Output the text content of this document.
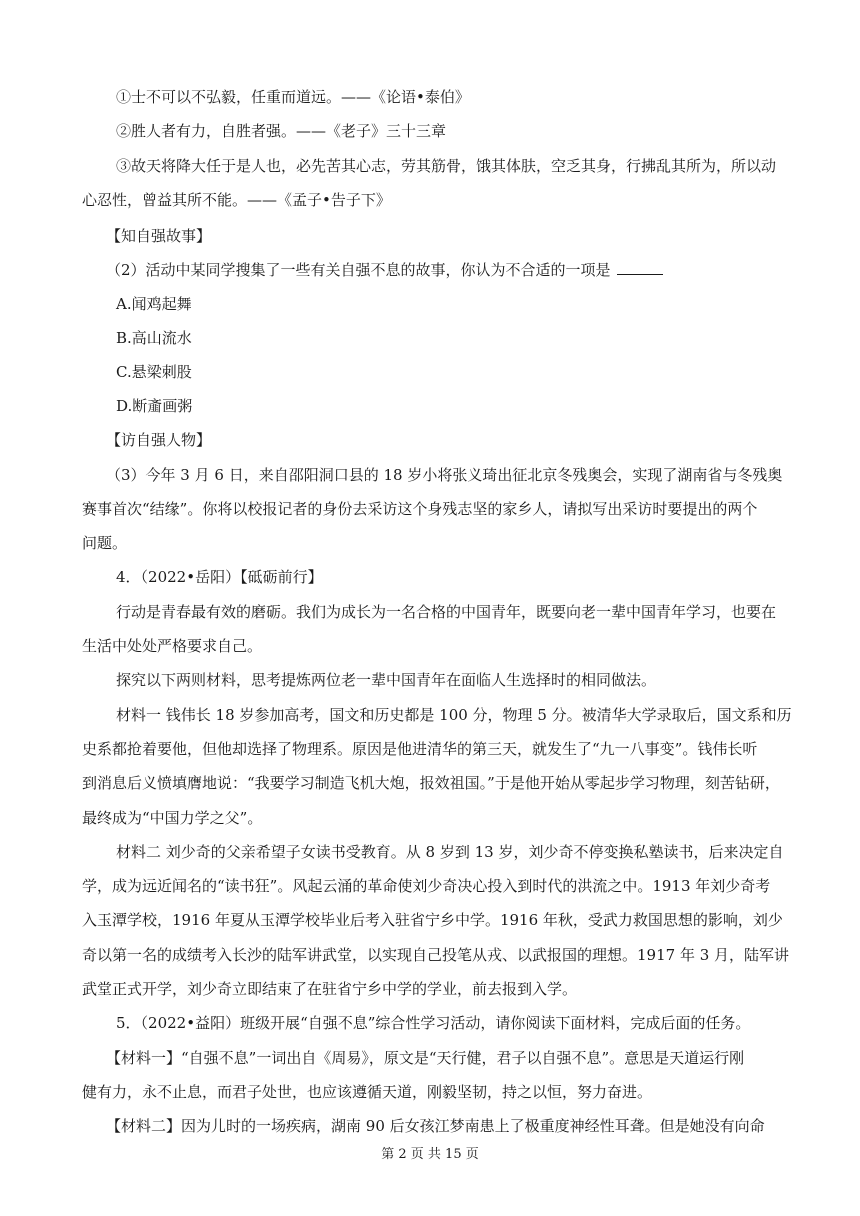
①士不可以不弘毅，任重而道远。——《论语•泰伯》
②胜人者有力，自胜者强。——《老子》三十三章
③故天将降大任于是人也，必先苦其心志，劳其筋骨，饿其体肤，空乏其身，行拂乱其所为，所以动
心忍性，曾益其所不能。——《孟子•告子下》
【知自强故事】
（2）活动中某同学搜集了一些有关自强不息的故事，你认为不合适的一项是
A.闻鸡起舞
B.高山流水
C.悬梁刺股
D.断齑画粥
【访自强人物】
（3）今年 3 月 6 日，来自邵阳洞口县的 18 岁小将张义琦出征北京冬残奥会，实现了湖南省与冬残奥
赛事首次“结缘”。你将以校报记者的身份去采访这个身残志坚的家乡人，请拟写出采访时要提出的两个
问题。
4．（2022•岳阳）【砥砺前行】
行动是青春最有效的磨砺。我们为成长为一名合格的中国青年，既要向老一辈中国青年学习，也要在
生活中处处严格要求自己。
探究以下两则材料，思考提炼两位老一辈中国青年在面临人生选择时的相同做法。
材料一 钱伟长 18 岁参加高考，国文和历史都是 100 分，物理 5 分。被清华大学录取后，国文系和历
史系都抢着要他，但他却选择了物理系。原因是他进清华的第三天，就发生了“九一八事变”。钱伟长听
到消息后义愤填膺地说：“我要学习制造飞机大炮，报效祖国。”于是他开始从零起步学习物理，刻苦钻研，
最终成为“中国力学之父”。
材料二 刘少奇的父亲希望子女读书受教育。从 8 岁到 13 岁，刘少奇不停变换私塾读书，后来决定自
学，成为远近闻名的“读书狂”。风起云涌的革命使刘少奇决心投入到时代的洪流之中。1913 年刘少奇考
入玉潭学校，1916 年夏从玉潭学校毕业后考入驻省宁乡中学。1916 年秋，受武力救国思想的影响，刘少
奇以第一名的成绩考入长沙的陆军讲武堂，以实现自己投笔从戎、以武报国的理想。1917 年 3 月，陆军讲
武堂正式开学，刘少奇立即结束了在驻省宁乡中学的学业，前去报到入学。
5．（2022•益阳）班级开展“自强不息”综合性学习活动，请你阅读下面材料，完成后面的任务。
【材料一】“自强不息”一词出自《周易》，原文是“天行健，君子以自强不息”。意思是天道运行刚
健有力，永不止息，而君子处世，也应该遵循天道，刚毅坚韧，持之以恒，努力奋进。
【材料二】因为儿时的一场疾病，湖南 90 后女孩江梦南患上了极重度神经性耳聋。但是她没有向命
第 2 页 共 15 页
